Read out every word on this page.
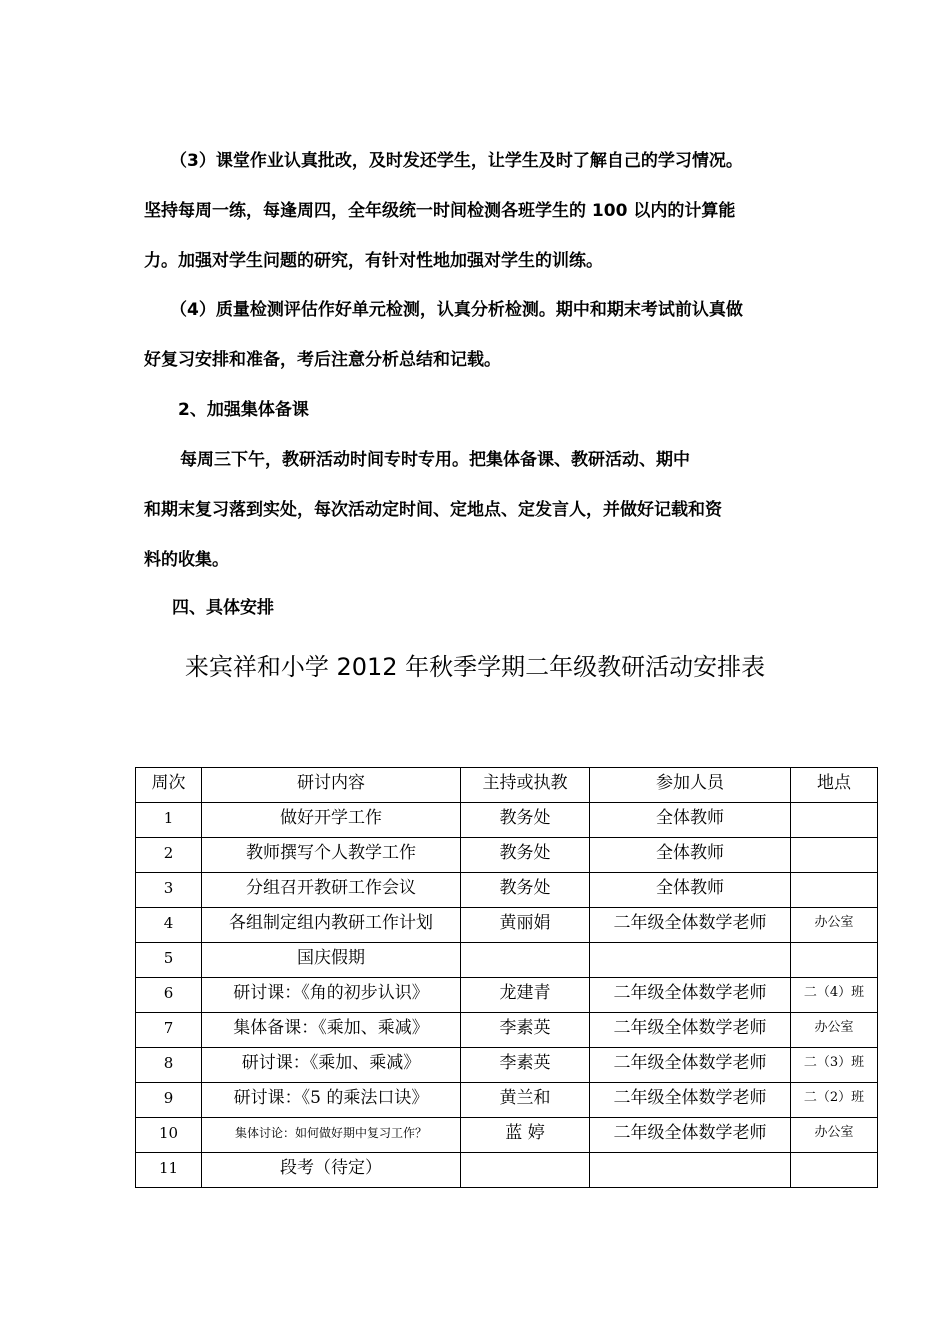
（3）课堂作业认真批改，及时发还学生，让学生及时了解自己的学习情况。
坚持每周一练，每逢周四，全年级统一时间检测各班学生的 100 以内的计算能
力。加强对学生问题的研究，有针对性地加强对学生的训练。
（4）质量检测评估作好单元检测，认真分析检测。期中和期末考试前认真做
好复习安排和准备，考后注意分析总结和记载。
2、加强集体备课
每周三下午，教研活动时间专时专用。把集体备课、教研活动、期中
和期末复习落到实处，每次活动定时间、定地点、定发言人，并做好记载和资
料的收集。
四、具体安排
来宾祥和小学 2012 年秋季学期二年级教研活动安排表
周次	研讨内容	主持或执教	参加人员	地点
1	做好开学工作	教务处	全体教师	
2	教师撰写个人教学工作	教务处	全体教师	
3	分组召开教研工作会议	教务处	全体教师	
4	各组制定组内教研工作计划	黄丽娟	二年级全体数学老师	办公室
5	国庆假期			
6	研讨课：《角的初步认识》	龙建青	二年级全体数学老师	二（4）班
7	集体备课：《乘加、乘减》	李素英	二年级全体数学老师	办公室
8	研讨课：《乘加、乘减》	李素英	二年级全体数学老师	二（3）班
9	研讨课：《5 的乘法口诀》	黄兰和	二年级全体数学老师	二（2）班
10	集体讨论：如何做好期中复习工作？	蓝 婷	二年级全体数学老师	办公室
11	段考（待定）			
